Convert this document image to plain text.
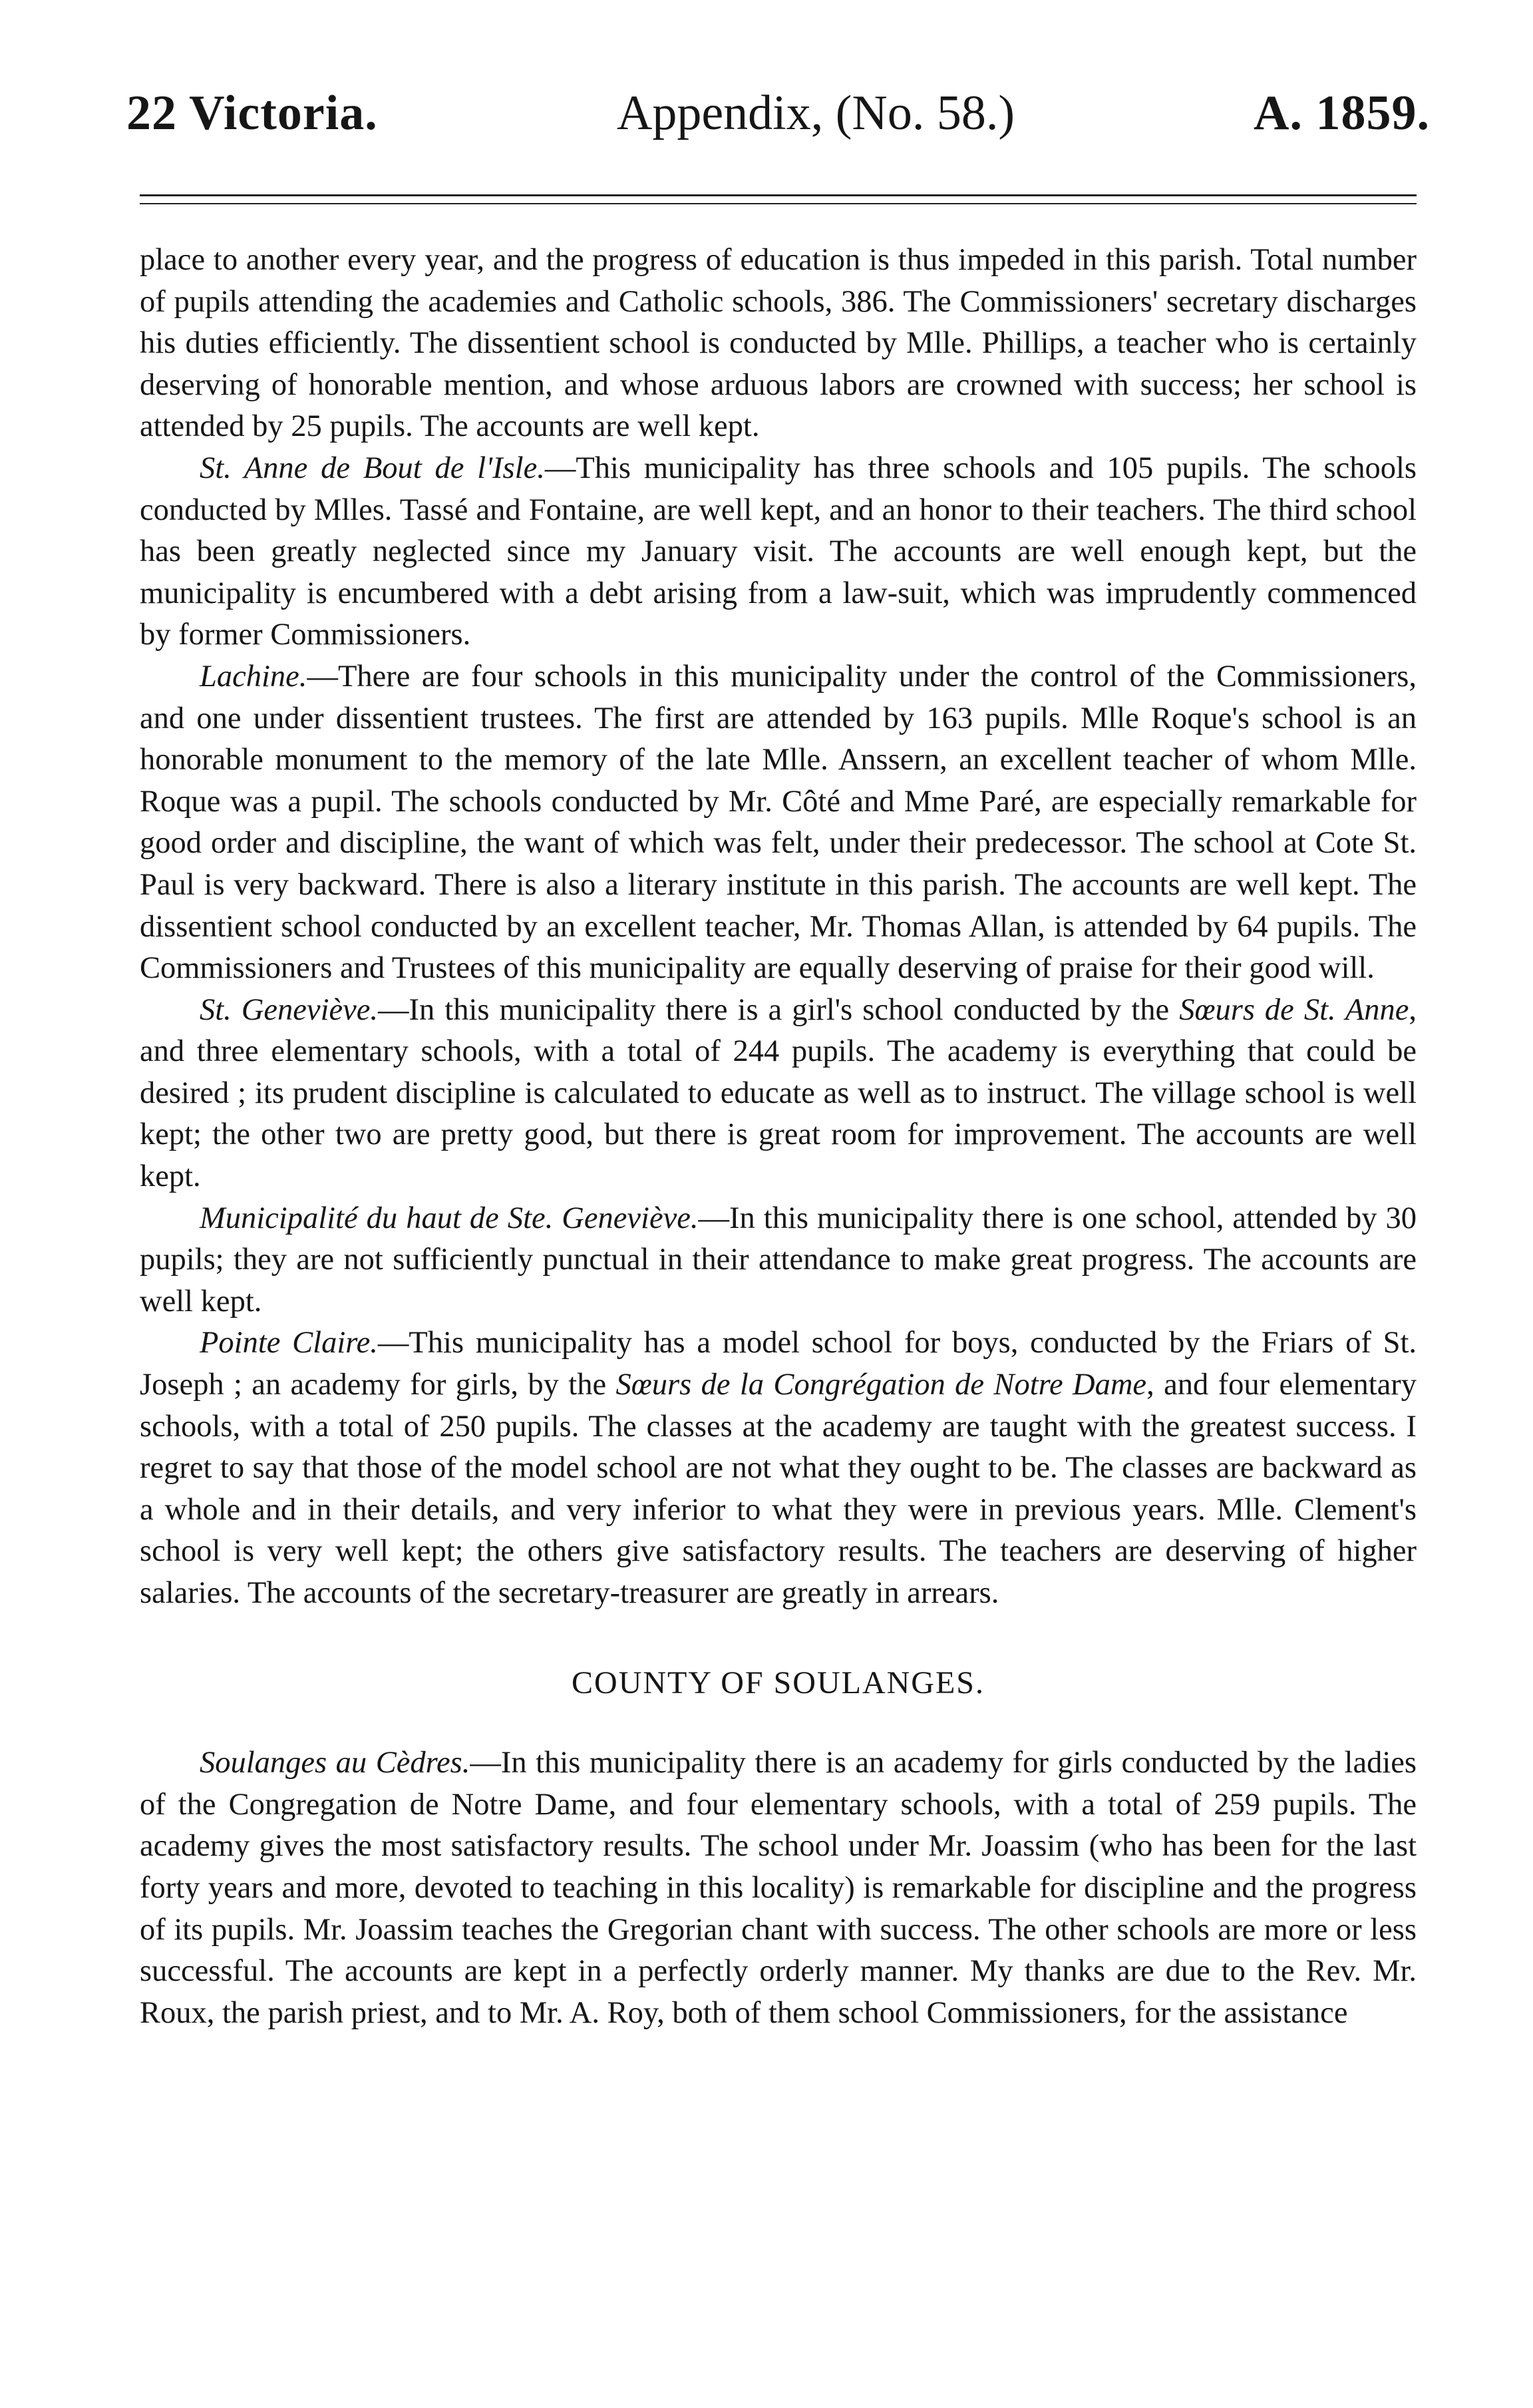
22 Victoria.	Appendix, (No. 58.)	A. 1859.

place to another every year, and the progress of education is thus impeded in this parish. Total number of pupils attending the academies and Catholic schools, 386. The Commissioners' secretary discharges his duties efficiently. The dissentient school is conducted by Mlle. Phillips, a teacher who is certainly deserving of honorable mention, and whose arduous labors are crowned with success; her school is attended by 25 pupils. The accounts are well kept.

St. Anne de Bout de l'Isle.—This municipality has three schools and 105 pupils. The schools conducted by Mlles. Tassé and Fontaine, are well kept, and an honor to their teachers. The third school has been greatly neglected since my January visit. The accounts are well enough kept, but the municipality is encumbered with a debt arising from a law-suit, which was imprudently commenced by former Commissioners.

Lachine.—There are four schools in this municipality under the control of the Commissioners, and one under dissentient trustees. The first are attended by 163 pupils. Mlle Roque's school is an honorable monument to the memory of the late Mlle. Anssern, an excellent teacher of whom Mlle. Roque was a pupil. The schools conducted by Mr. Côté and Mme Paré, are especially remarkable for good order and discipline, the want of which was felt, under their predecessor. The school at Cote St. Paul is very backward. There is also a literary institute in this parish. The accounts are well kept. The dissentient school conducted by an excellent teacher, Mr. Thomas Allan, is attended by 64 pupils. The Commissioners and Trustees of this municipality are equally deserving of praise for their good will.

St. Geneviève.—In this municipality there is a girl's school conducted by the Sœurs de St. Anne, and three elementary schools, with a total of 244 pupils. The academy is everything that could be desired ; its prudent discipline is calculated to educate as well as to instruct. The village school is well kept; the other two are pretty good, but there is great room for improvement. The accounts are well kept.

Municipalité du haut de Ste. Geneviève.—In this municipality there is one school, attended by 30 pupils; they are not sufficiently punctual in their attendance to make great progress. The accounts are well kept.

Pointe Claire.—This municipality has a model school for boys, conducted by the Friars of St. Joseph ; an academy for girls, by the Sœurs de la Congrégation de Notre Dame, and four elementary schools, with a total of 250 pupils. The classes at the academy are taught with the greatest success. I regret to say that those of the model school are not what they ought to be. The classes are backward as a whole and in their details, and very inferior to what they were in previous years. Mlle. Clement's school is very well kept; the others give satisfactory results. The teachers are deserving of higher salaries. The accounts of the secretary-treasurer are greatly in arrears.

COUNTY OF SOULANGES.

Soulanges au Cèdres.—In this municipality there is an academy for girls conducted by the ladies of the Congregation de Notre Dame, and four elementary schools, with a total of 259 pupils. The academy gives the most satisfactory results. The school under Mr. Joassim (who has been for the last forty years and more, devoted to teaching in this locality) is remarkable for discipline and the progress of its pupils. Mr. Joassim teaches the Gregorian chant with success. The other schools are more or less successful. The accounts are kept in a perfectly orderly manner. My thanks are due to the Rev. Mr. Roux, the parish priest, and to Mr. A. Roy, both of them school Commissioners, for the assistance
